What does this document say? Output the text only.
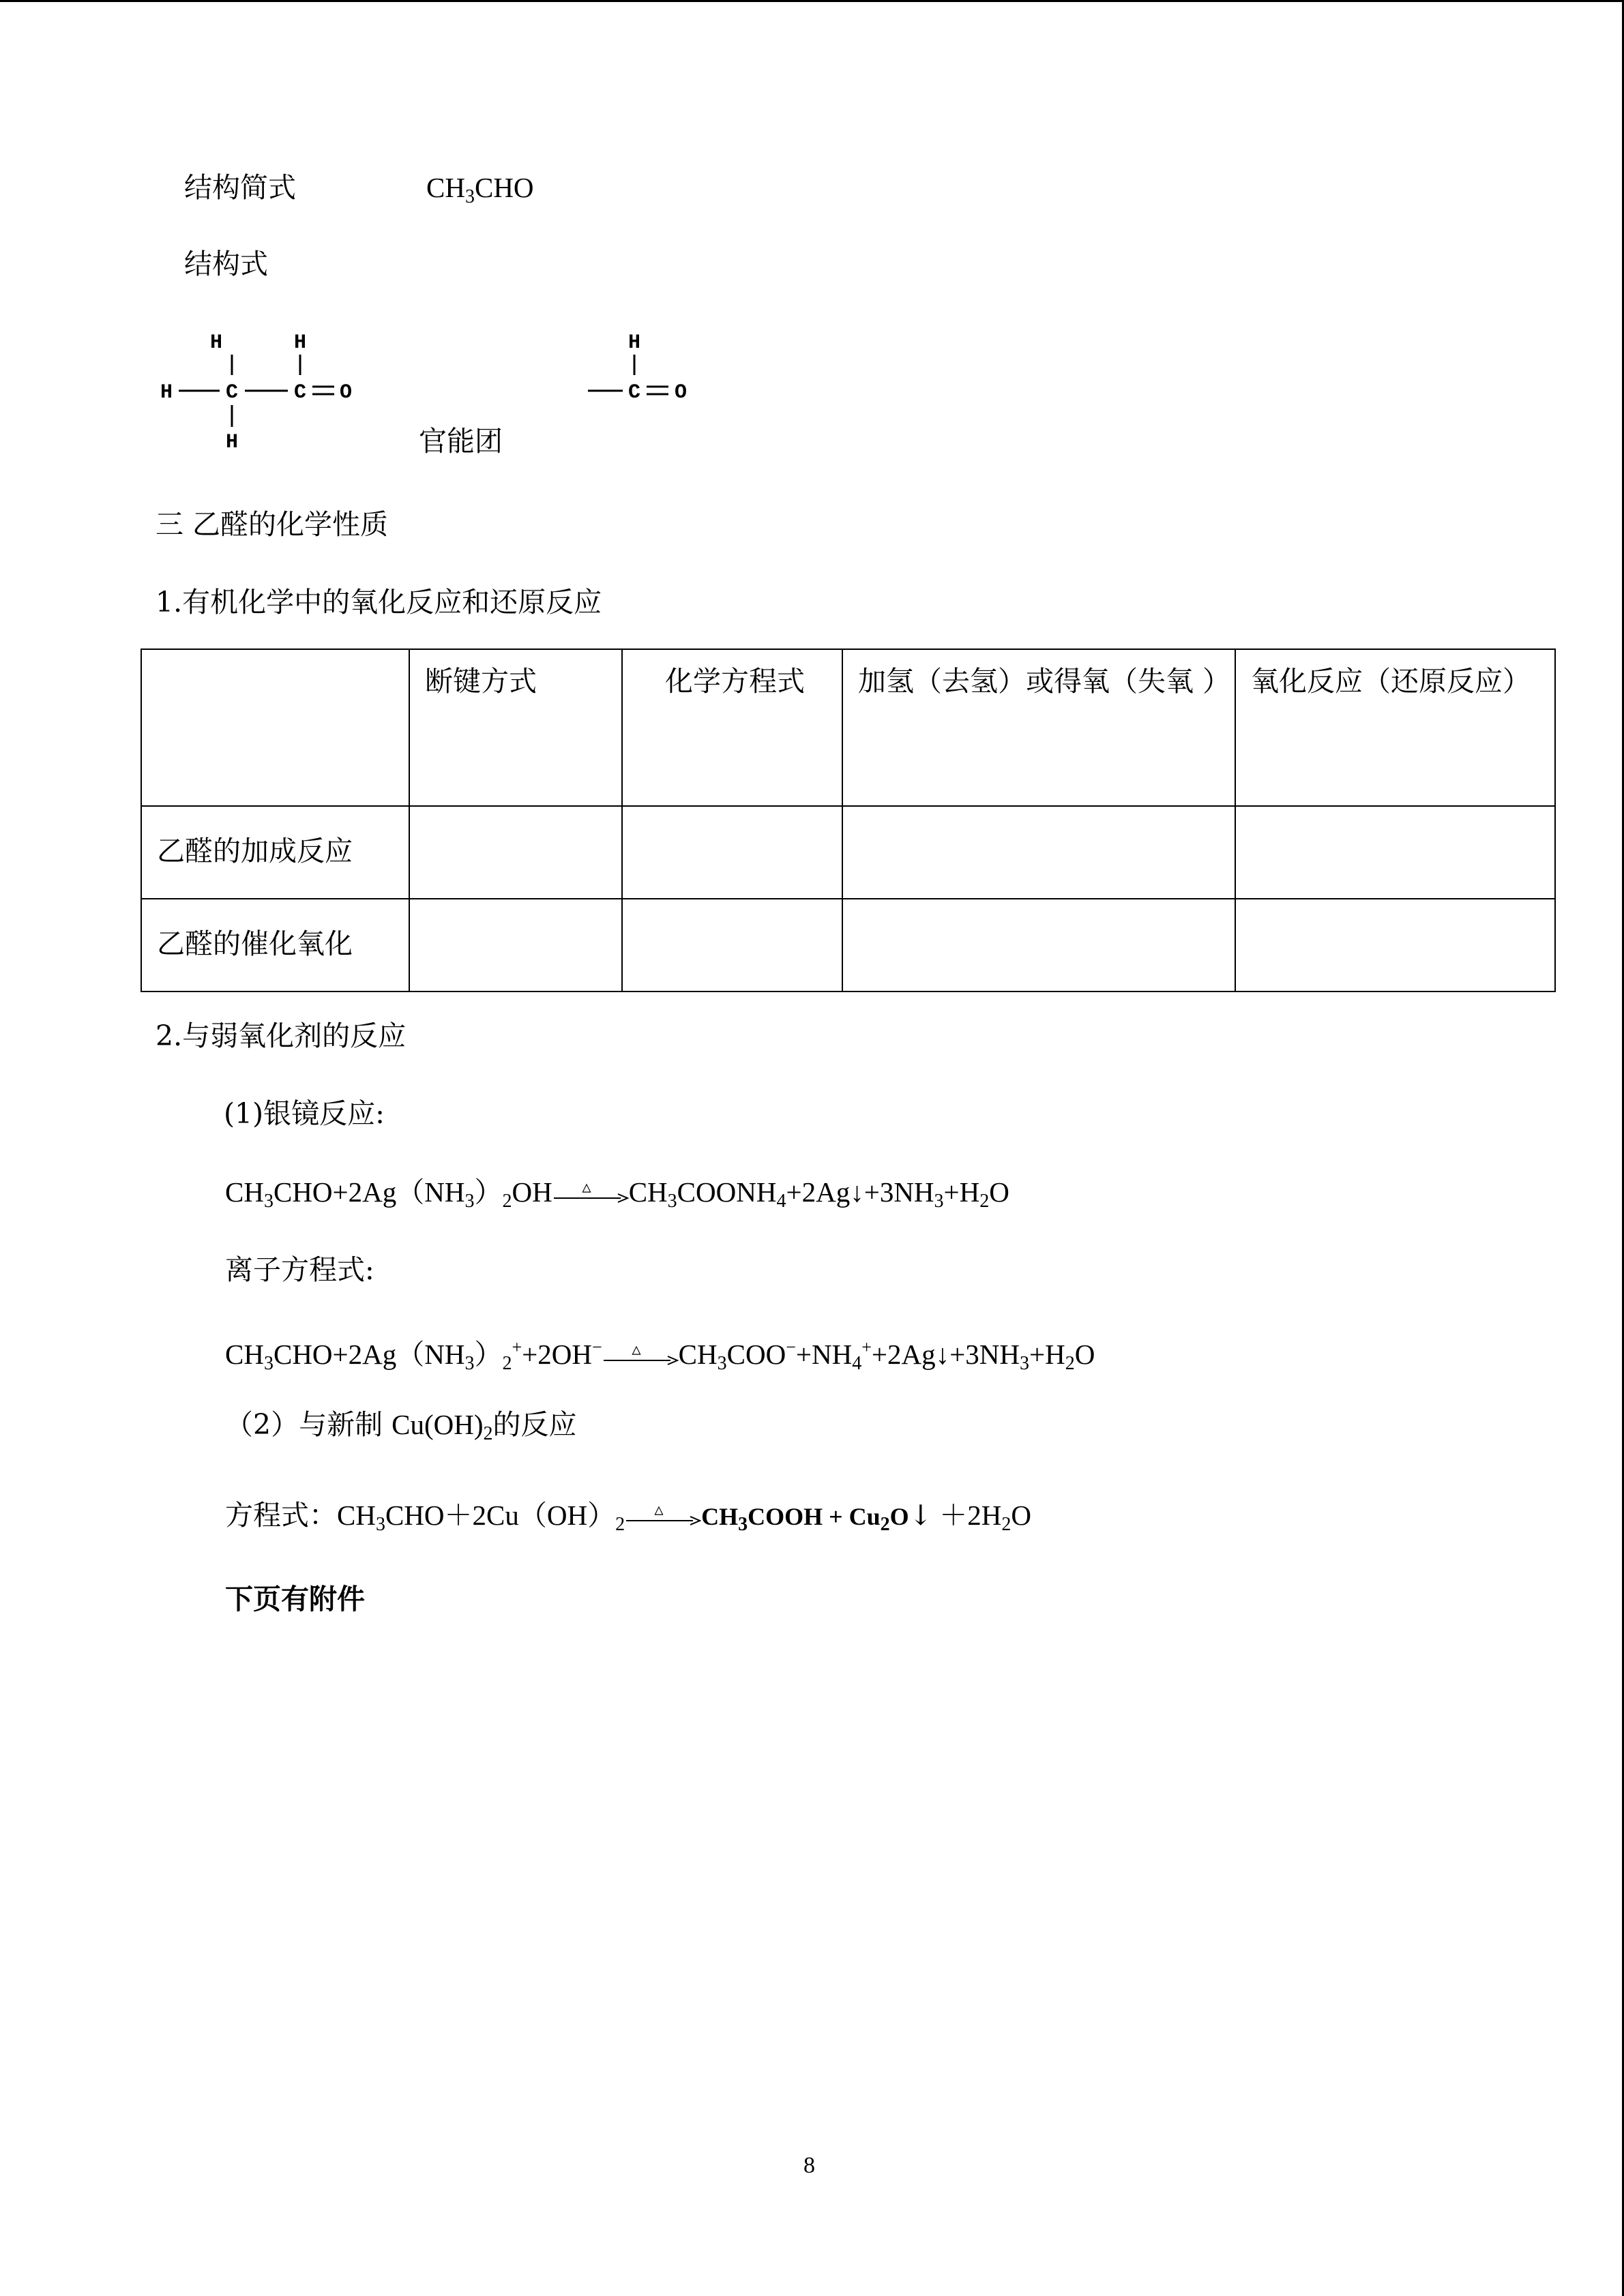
结构简式	$CH_3CHO$
结构式
H	H
H	C	C O
H
H
C O
官能团
三 乙醛的化学性质
1.有机化学中的氧化反应和还原反应
	断键方式	化学方程式	加氢（去氢）或得氧（失氧 ）	氧化反应（还原反应）
乙醛的加成反应				
乙醛的催化氧化				
2.与弱氧化剂的反应
(1)银镜反应:
$CH_3CHO+2Ag(NH_3)_2OH$ △ $CH_3COONH_4+2Ag↓+3NH_3+H_2O$
离子方程式:
$CH_3CHO+2Ag(NH_3)_2^++2OH^-$ △ $CH_3COO^-+NH_4^++2Ag↓+3NH_3+H_2O$
（2）与新制 $Cu(OH)_2$的反应
方程式：$CH_3CHO+2Cu(OH)_2$
△ $CH_3COOH$ + $Cu_2O↓ +2H_2O$
下页有附件
8
